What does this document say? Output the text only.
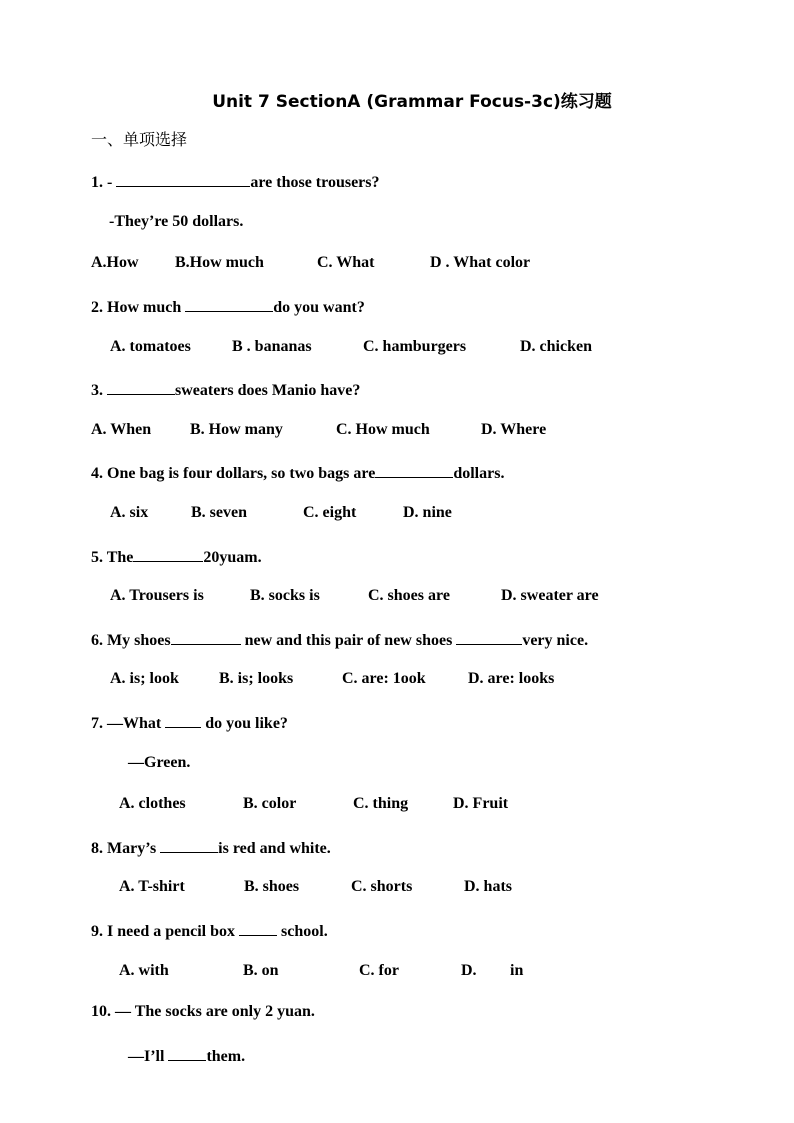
Unit 7 SectionA (Grammar Focus-3c)练习题
一、单项选择
1. -	are those trousers?
-They’re 50 dollars.
A.How B.How much	C. What	D . What color
2. How much	do you want?
A. tomatoes	B . bananas	C. hamburgers	D. chicken
3.	sweaters does Manio have?
A. When B. How many	C. How much	D. Where
4. One bag is four dollars, so two bags are	dollars.
A. six	B. seven	C. eight	D. nine
5. The	20yuam.
A. Trousers is	B. socks is	C. shoes are	D. sweater are
6. My shoes	new and this pair of new shoes	very nice.
A. is; look	B. is; looks	C. are: 1ook	D. are: looks
7. —What	do you like?
—Green.
A. clothes	B. color	C. thing	D. Fruit
8. Mary’s	is red and white.
A. T-shirt	B. shoes	C. shorts	D. hats
9. I need a pencil box	school.
A. with	B. on	C. for	D. in
10. — The socks are only 2 yuan.
—I’ll	them.
